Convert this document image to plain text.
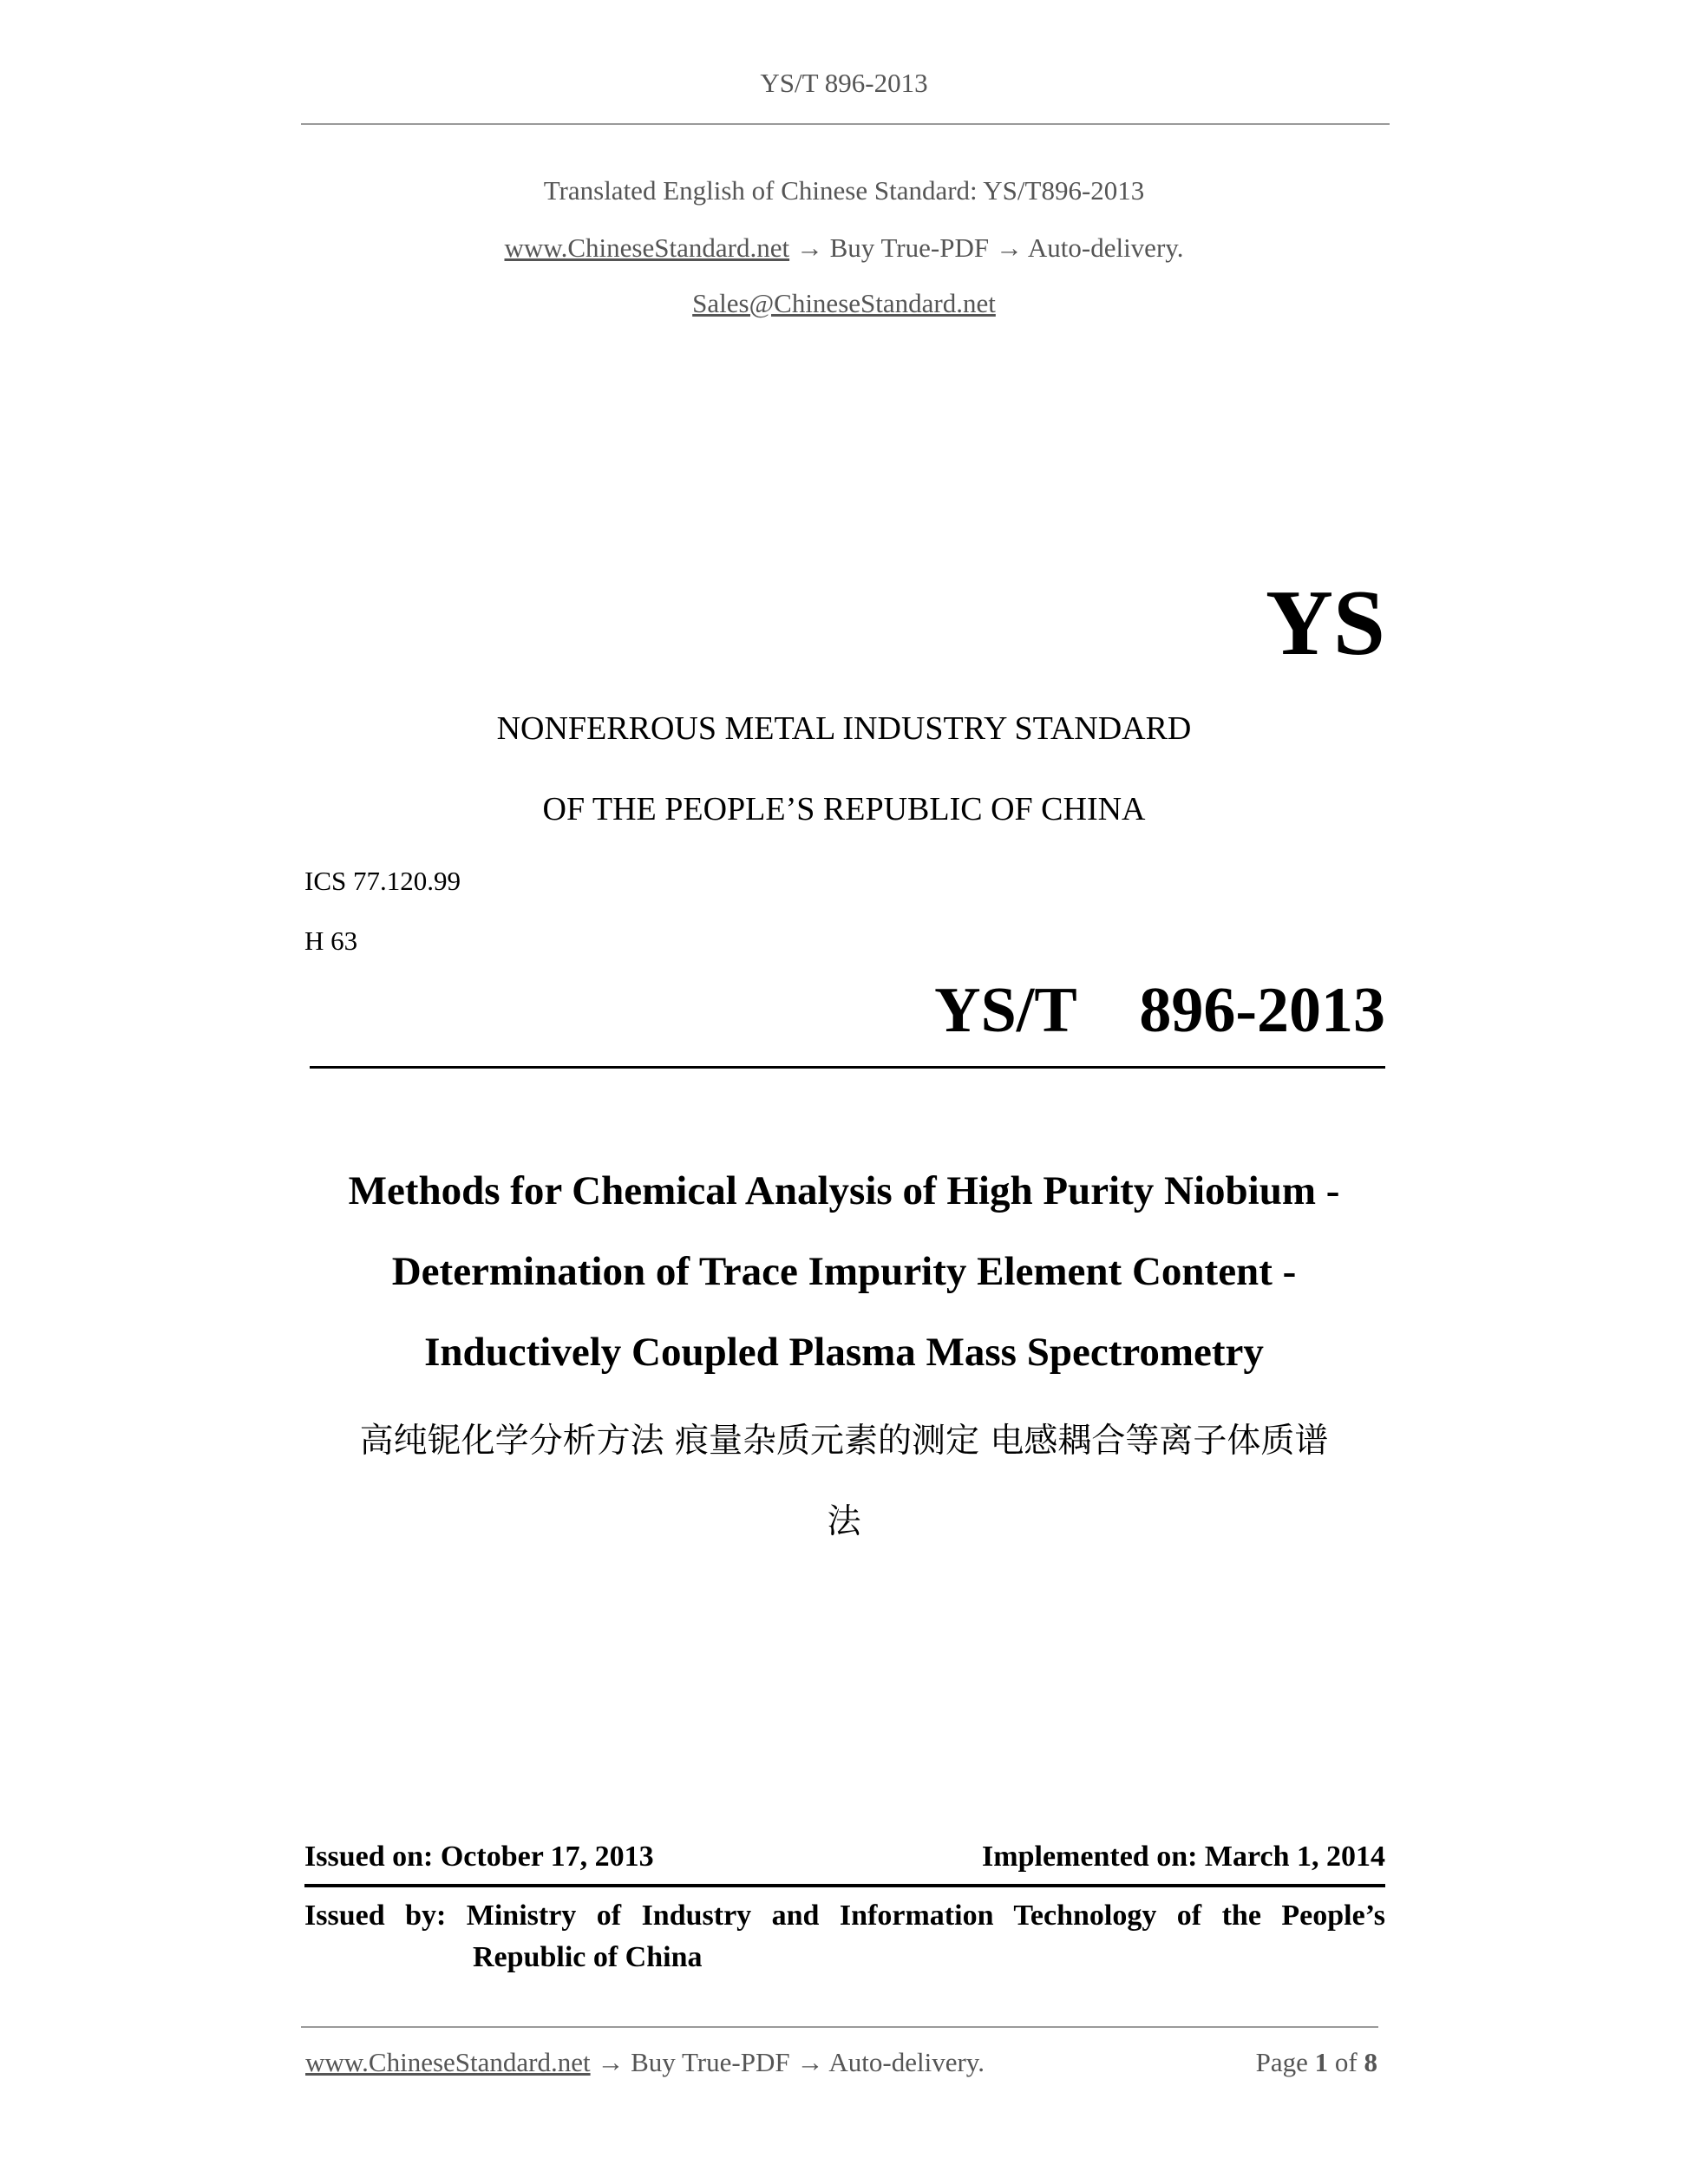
YS/T 896-2013
Translated English of Chinese Standard: YS/T896-2013
www.ChineseStandard.net → Buy True-PDF → Auto-delivery.
Sales@ChineseStandard.net
YS
NONFERROUS METAL INDUSTRY STANDARD
OF THE PEOPLE’S REPUBLIC OF CHINA
ICS 77.120.99
H 63
YS/T  896-2013
Methods for Chemical Analysis of High Purity Niobium -
Determination of Trace Impurity Element Content -
Inductively Coupled Plasma Mass Spectrometry
高纯铌化学分析方法 痕量杂质元素的测定 电感耦合等离子体质谱
法
Issued on: October 17, 2013	Implemented on: March 1, 2014
Issued by: Ministry of Industry and Information Technology of the People’s
Republic of China
www.ChineseStandard.net → Buy True-PDF → Auto-delivery.	Page 1 of 8
